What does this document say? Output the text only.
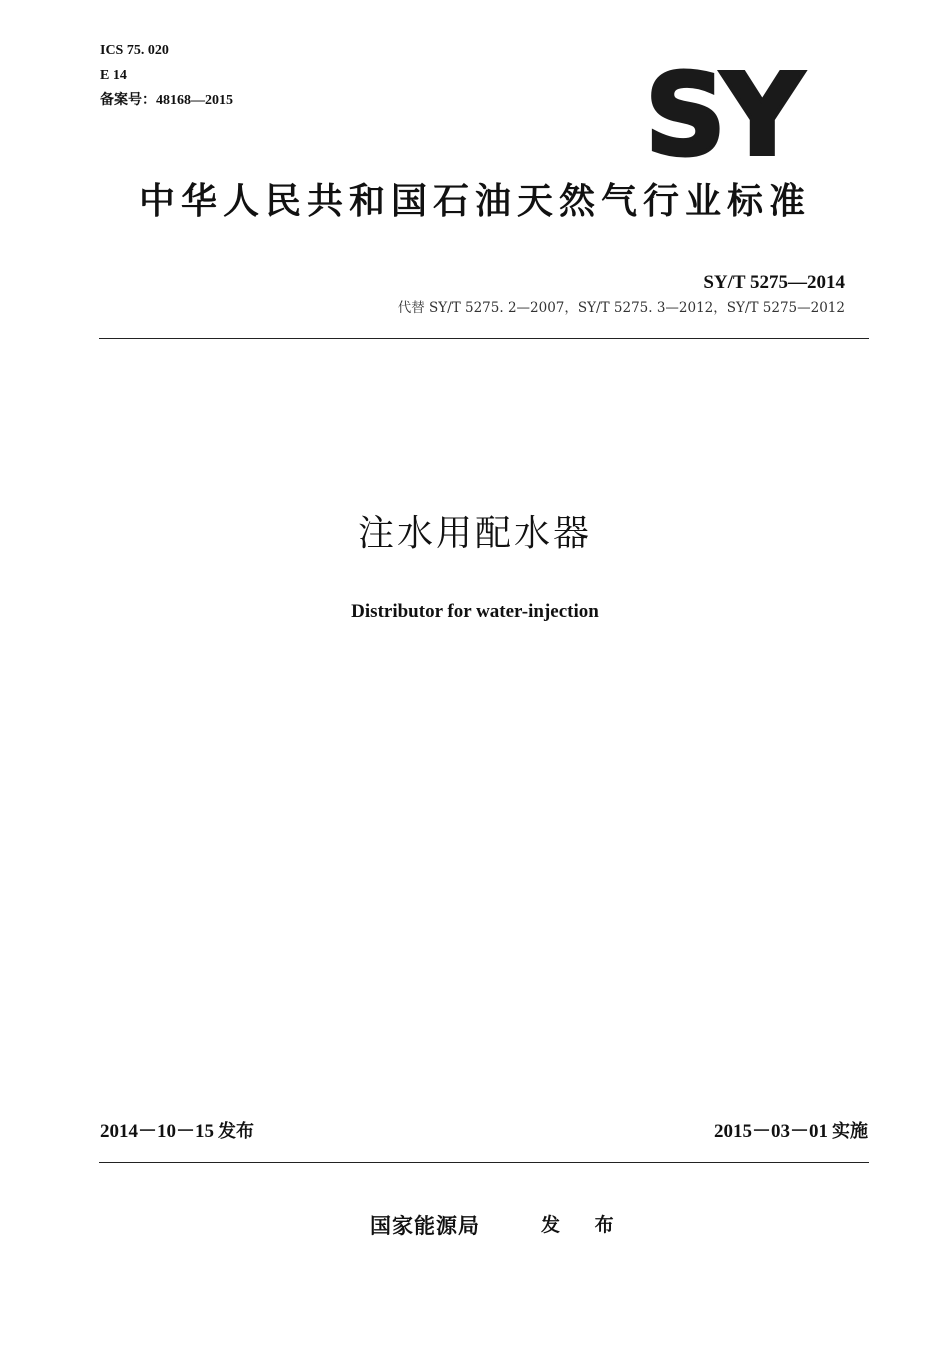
ICS 75. 020
E 14
备案号：48168—2015	SY
中华人民共和国石油天然气行业标准
SY/T 5275—2014
代替 SY/T 5275. 2—2007，SY/T 5275. 3—2012，SY/T 5275—2012
注水用配水器
Distributor for water-injection
2014－10－15 发布	2015－03－01 实施
国家能源局	发 布
